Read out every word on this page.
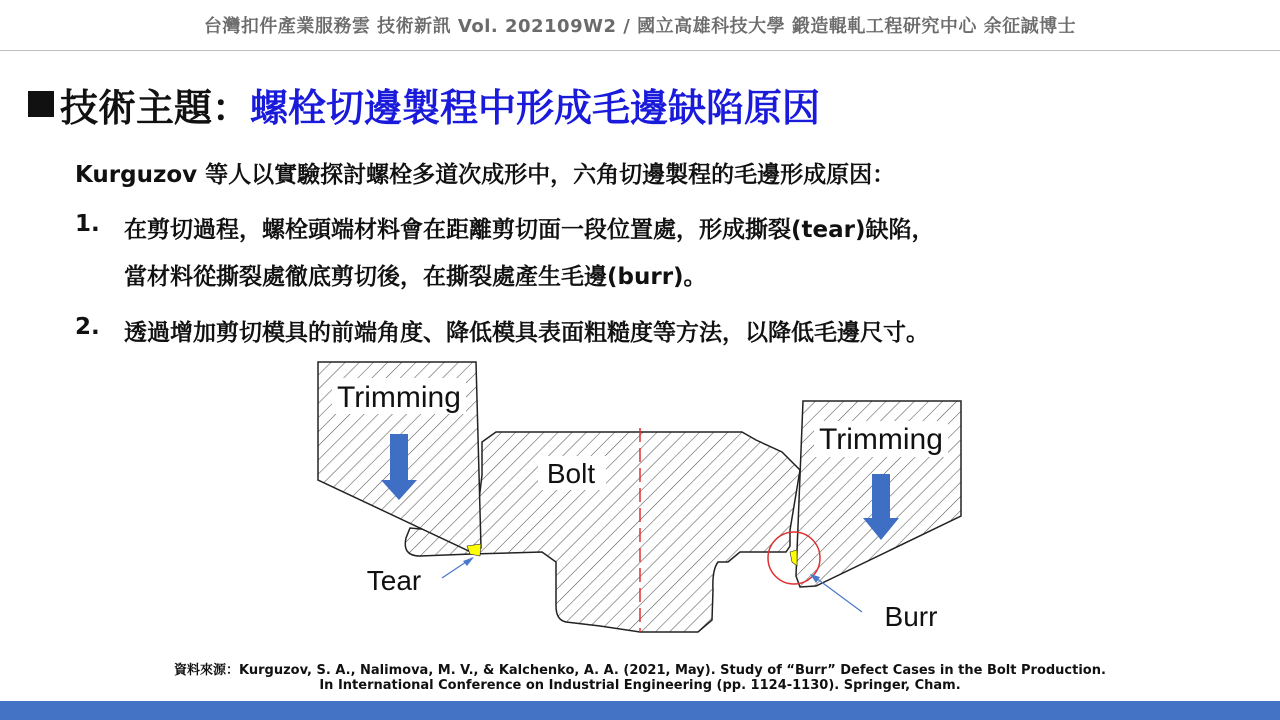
台灣扣件產業服務雲 技術新訊 Vol. 202109W2 / 國立高雄科技大學 鍛造輥軋工程研究中心 余征誠博士
技術主題： 螺栓切邊製程中形成毛邊缺陷原因
Kurguzov 等人以實驗探討螺栓多道次成形中，六角切邊製程的毛邊形成原因：
1. 在剪切過程，螺栓頭端材料會在距離剪切面一段位置處，形成撕裂(tear)缺陷，
當材料從撕裂處徹底剪切後，在撕裂處產生毛邊(burr)。
2. 透過增加剪切模具的前端角度、降低模具表面粗糙度等方法，以降低毛邊尺寸。
Trimming
Trimming
Bolt
Tear
Burr
資料來源：Kurguzov, S. A., Nalimova, M. V., & Kalchenko, A. A. (2021, May). Study of “Burr” Defect Cases in the Bolt Production.
In International Conference on Industrial Engineering (pp. 1124-1130). Springer, Cham.
